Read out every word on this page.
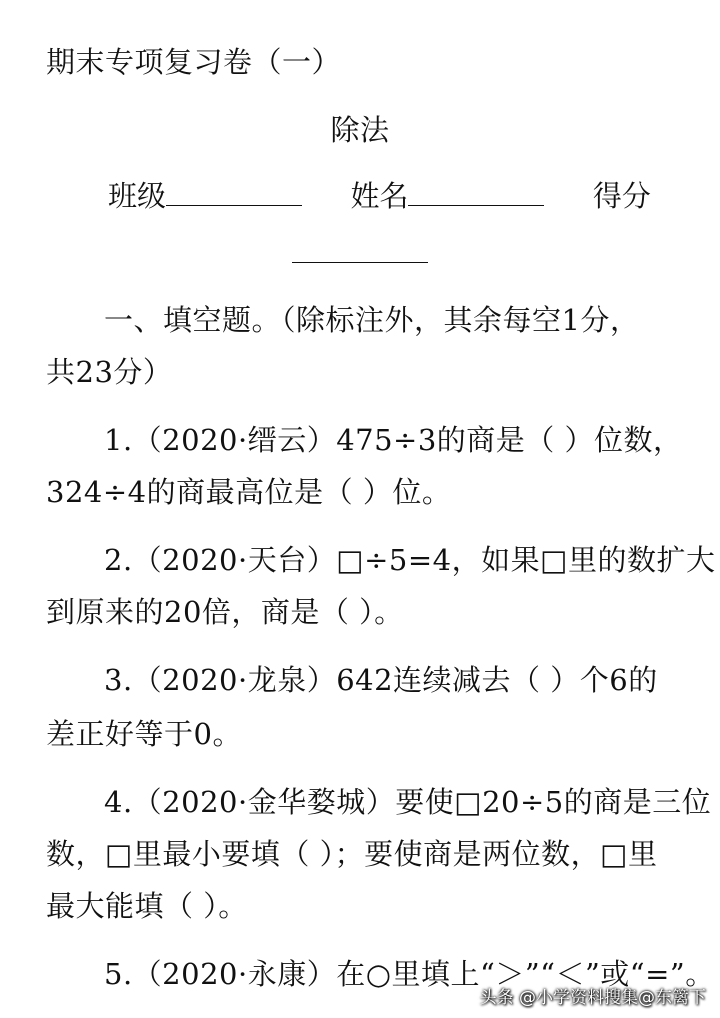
期末专项复习卷（一）
除法
班级	姓名	得分
一、填空题。（除标注外，其余每空1分，
共23分）
1.（2020·缙云）475÷3的商是（ ）位数，
324÷4的商最高位是（ ）位。
2.（2020·天台）□÷5=4，如果□里的数扩大
到原来的20倍，商是（ ）。
3.（2020·龙泉）642连续减去（ ）个6的
差正好等于0。
4.（2020·金华婺城）要使□20÷5的商是三位
数，□里最小要填（ ）；要使商是两位数，□里
最大能填（ ）。
5.（2020·永康）在○里填上“＞”“＜”或“=”。
头条 @小学资料搜集@东篱下
